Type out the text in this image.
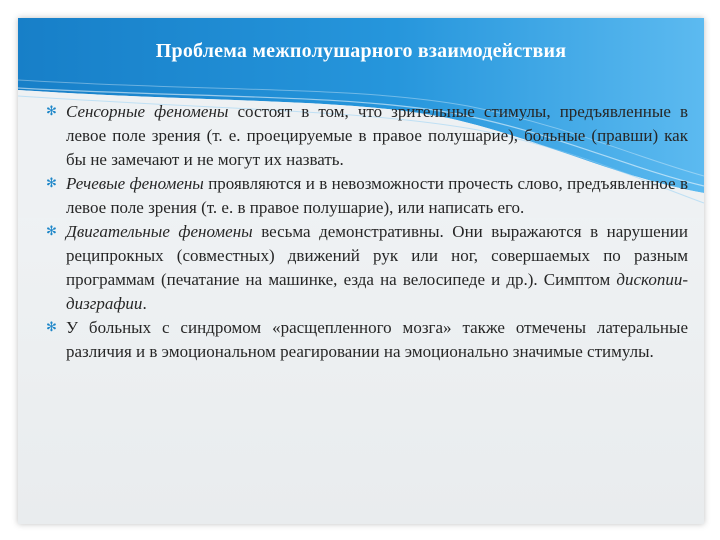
Проблема межполушарного взаимодействия
✻ Сенсорные феномены состоят в том, что зрительные стимулы, предъявленные в левое поле зрения (т. е. проецируемые в правое полушарие), больные (правши) как бы не замечают и не могут их назвать.
✻ Речевые феномены проявляются и в невозможности прочесть слово, предъявленное в левое поле зрения (т. е. в правое полушарие), или написать его.
✻ Двигательные феномены весьма демонстративны. Они выражаются в нарушении реципрокных (совместных) движений рук или ног, совершаемых по разным программам (печатание на машинке, езда на велосипеде и др.). Симптом дископии-дизграфии.
✻ У больных с синдромом «расщепленного мозга» также отмечены латеральные различия и в эмоциональном реагировании на эмоционально значимые стимулы.
